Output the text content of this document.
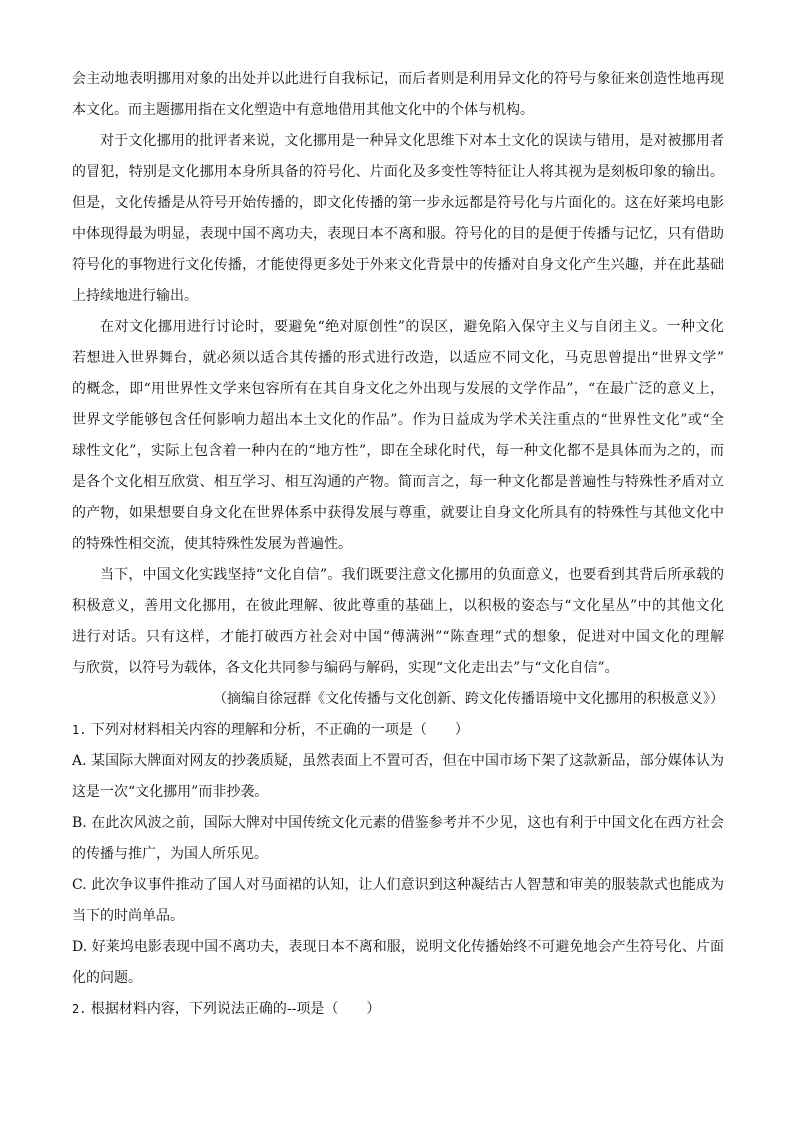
会主动地表明挪用对象的出处并以此进行自我标记，而后者则是利用异文化的符号与象征来创造性地再现
本文化。而主题挪用指在文化塑造中有意地借用其他文化中的个体与机构。
对于文化挪用的批评者来说，文化挪用是一种异文化思维下对本土文化的误读与错用，是对被挪用者
的冒犯，特别是文化挪用本身所具备的符号化、片面化及多变性等特征让人将其视为是刻板印象的输出。
但是，文化传播是从符号开始传播的，即文化传播的第一步永远都是符号化与片面化的。这在好莱坞电影
中体现得最为明显，表现中国不离功夫，表现日本不离和服。符号化的目的是便于传播与记忆，只有借助
符号化的事物进行文化传播，才能使得更多处于外来文化背景中的传播对自身文化产生兴趣，并在此基础
上持续地进行输出。
在对文化挪用进行讨论时，要避免“绝对原创性”的误区，避免陷入保守主义与自闭主义。一种文化
若想进入世界舞台，就必须以适合其传播的形式进行改造，以适应不同文化，马克思曾提出“世界文学”
的概念，即“用世界性文学来包容所有在其自身文化之外出现与发展的文学作品”，“在最广泛的意义上，
世界文学能够包含任何影响力超出本土文化的作品”。作为日益成为学术关注重点的“世界性文化”或“全
球性文化”，实际上包含着一种内在的“地方性”，即在全球化时代，每一种文化都不是具体而为之的，而
是各个文化相互欣赏、相互学习、相互沟通的产物。简而言之，每一种文化都是普遍性与特殊性矛盾对立
的产物，如果想要自身文化在世界体系中获得发展与尊重，就要让自身文化所具有的特殊性与其他文化中
的特殊性相交流，使其特殊性发展为普遍性。
当下，中国文化实践坚持“文化自信”。我们既要注意文化挪用的负面意义，也要看到其背后所承载的
积极意义，善用文化挪用，在彼此理解、彼此尊重的基础上，以积极的姿态与“文化星丛”中的其他文化
进行对话。只有这样，才能打破西方社会对中国“傅满洲”“陈查理”式的想象，促进对中国文化的理解
与欣赏，以符号为载体，各文化共同参与编码与解码，实现“文化走出去”与“文化自信”。
（摘编自徐冠群《文化传播与文化创新、跨文化传播语境中文化挪用的积极意义》）
1. 下列对材料相关内容的理解和分析，不正确的一项是（　　）
A. 某国际大牌面对网友的抄袭质疑，虽然表面上不置可否，但在中国市场下架了这款新品，部分媒体认为
这是一次“文化挪用”而非抄袭。
B. 在此次风波之前，国际大牌对中国传统文化元素的借鉴参考并不少见，这也有利于中国文化在西方社会
的传播与推广，为国人所乐见。
C. 此次争议事件推动了国人对马面裙的认知，让人们意识到这种凝结古人智慧和审美的服装款式也能成为
当下的时尚单品。
D. 好莱坞电影表现中国不离功夫，表现日本不离和服，说明文化传播始终不可避免地会产生符号化、片面
化的问题。
2. 根据材料内容，下列说法正确的--项是（　　）
